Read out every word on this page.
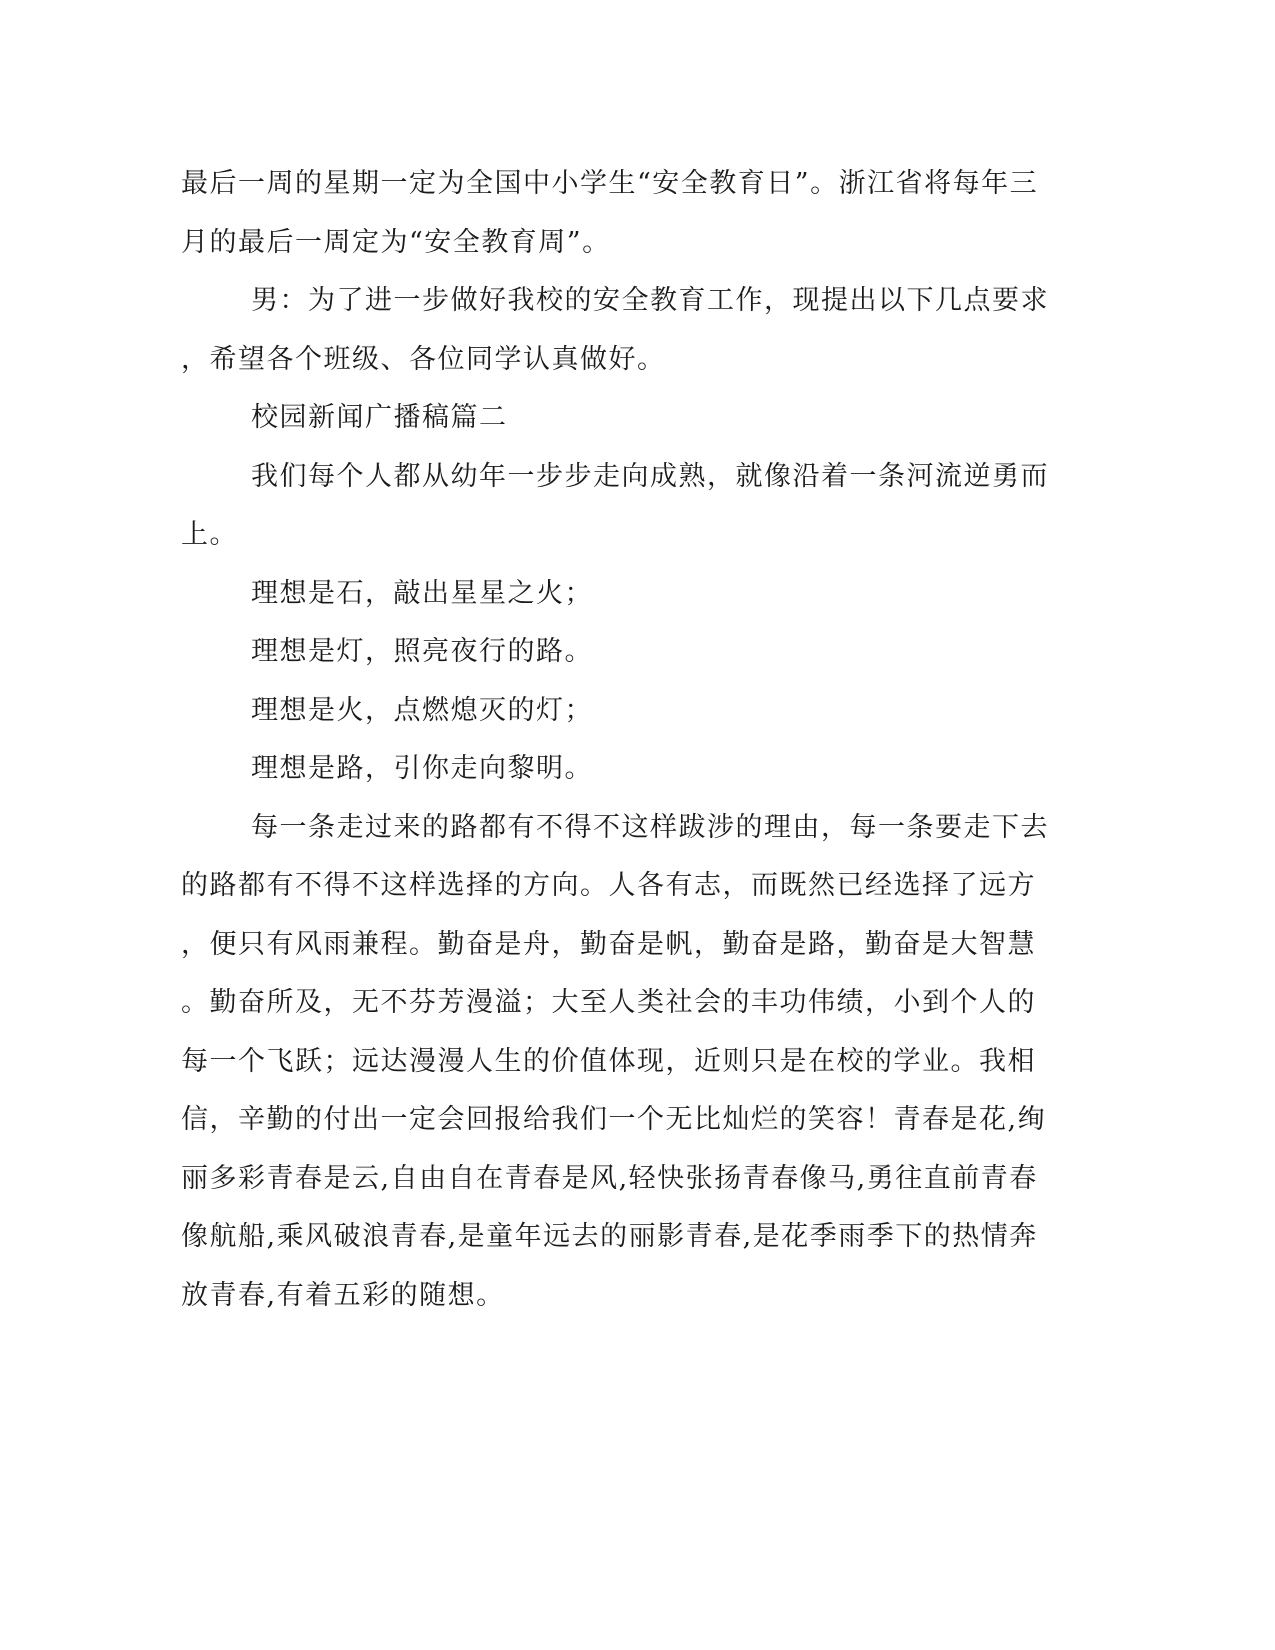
最后一周的星期一定为全国中小学生“安全教育日”。浙江省将每年三
月的最后一周定为“安全教育周”。
男：为了进一步做好我校的安全教育工作，现提出以下几点要求
，希望各个班级、各位同学认真做好。
校园新闻广播稿篇二
我们每个人都从幼年一步步走向成熟，就像沿着一条河流逆勇而
上。
理想是石，敲出星星之火；
理想是灯，照亮夜行的路。
理想是火，点燃熄灭的灯；
理想是路，引你走向黎明。
每一条走过来的路都有不得不这样跋涉的理由，每一条要走下去
的路都有不得不这样选择的方向。人各有志，而既然已经选择了远方
，便只有风雨兼程。勤奋是舟，勤奋是帆，勤奋是路，勤奋是大智慧
。勤奋所及，无不芬芳漫溢；大至人类社会的丰功伟绩，小到个人的
每一个飞跃；远达漫漫人生的价值体现，近则只是在校的学业。我相
信，辛勤的付出一定会回报给我们一个无比灿烂的笑容！青春是花,绚
丽多彩青春是云,自由自在青春是风,轻快张扬青春像马,勇往直前青春
像航船,乘风破浪青春,是童年远去的丽影青春,是花季雨季下的热情奔
放青春,有着五彩的随想。
